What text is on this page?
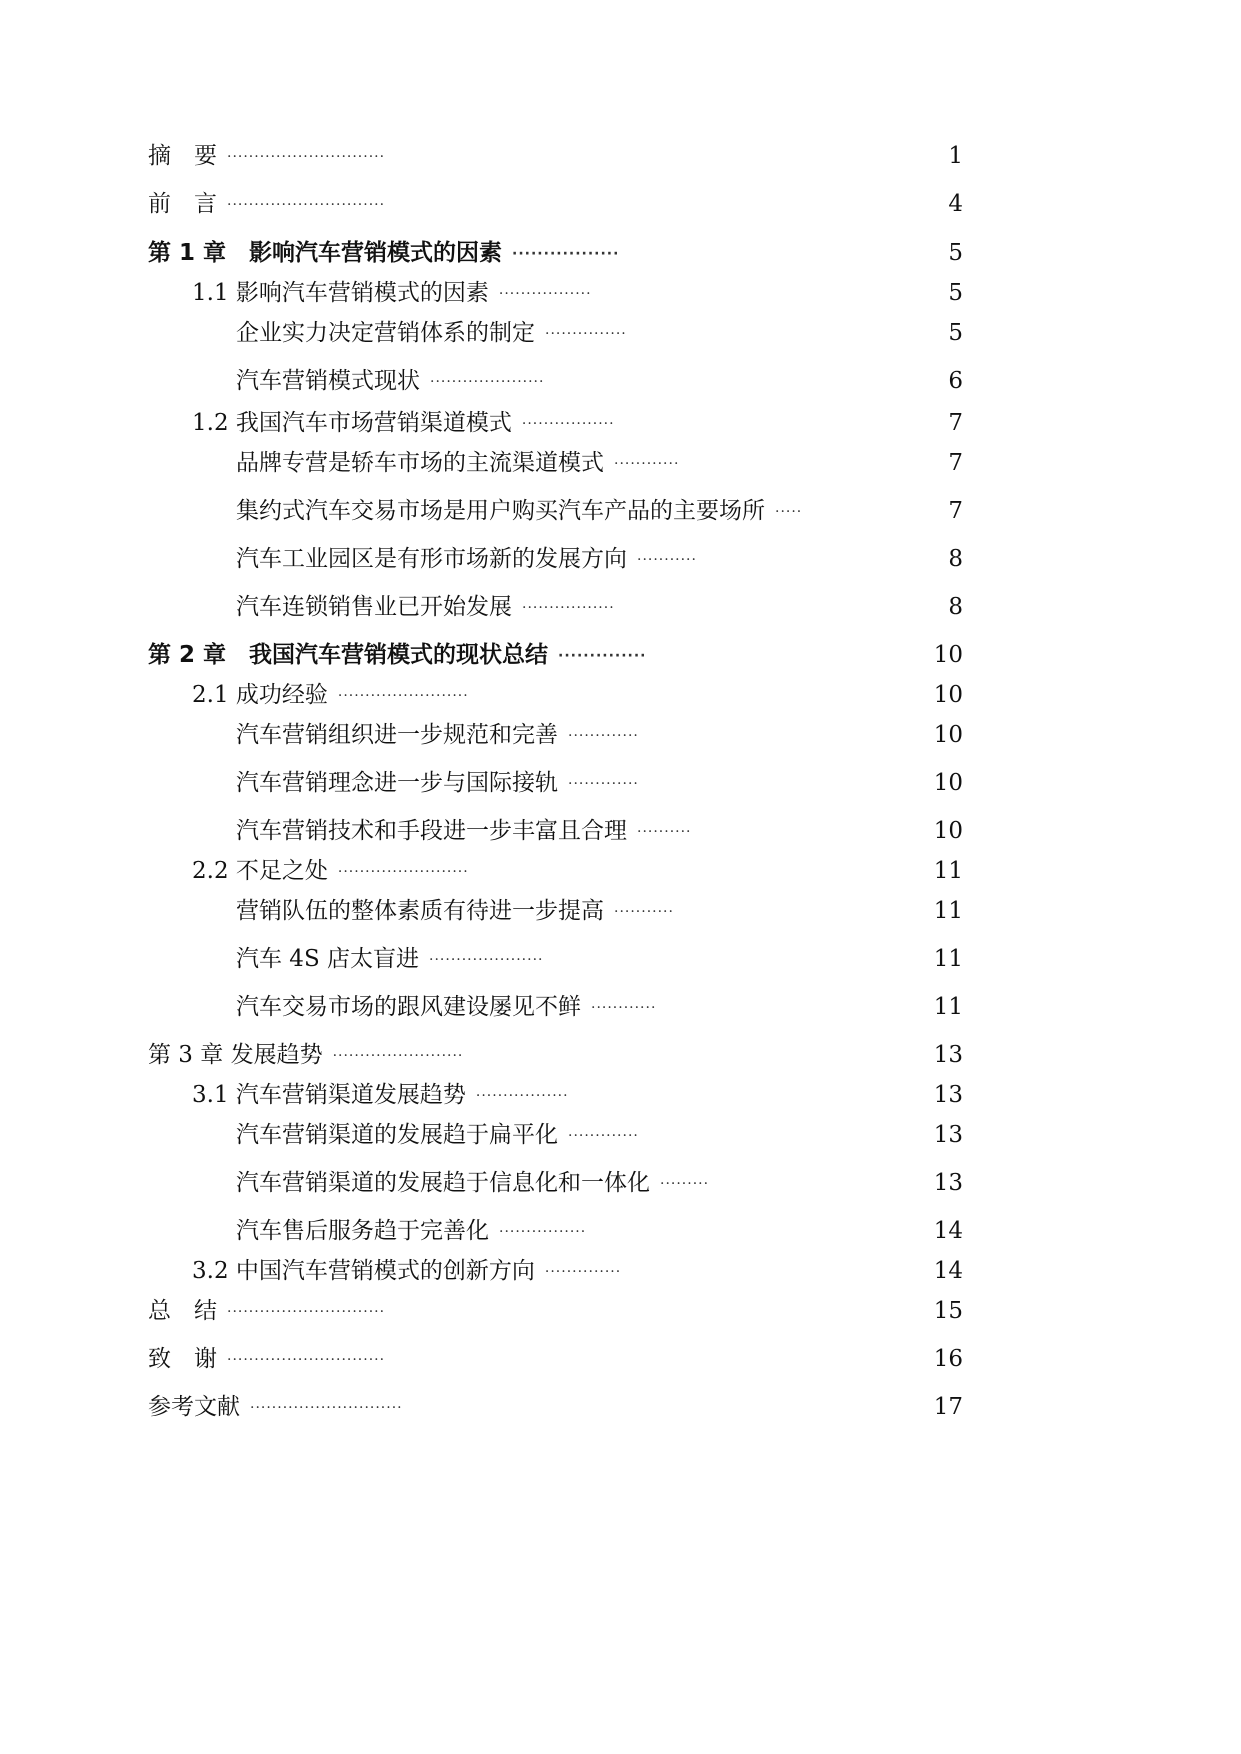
摘　要 ·····························	1
前　言 ·····························	4
第 1 章　影响汽车营销模式的因素 ·················	5
1.1 影响汽车营销模式的因素 ·················	5
企业实力决定营销体系的制定 ···············	5
汽车营销模式现状 ·····················	6
1.2 我国汽车市场营销渠道模式 ·················	7
品牌专营是轿车市场的主流渠道模式 ············	7
集约式汽车交易市场是用户购买汽车产品的主要场所 ·····	7
汽车工业园区是有形市场新的发展方向 ···········	8
汽车连锁销售业已开始发展 ·················	8
第 2 章　我国汽车营销模式的现状总结 ··············	10
2.1 成功经验 ························	10
汽车营销组织进一步规范和完善 ·············	10
汽车营销理念进一步与国际接轨 ·············	10
汽车营销技术和手段进一步丰富且合理 ··········	10
2.2 不足之处 ························	11
营销队伍的整体素质有待进一步提高 ···········	11
汽车 4S 店太盲进 ·····················	11
汽车交易市场的跟风建设屡见不鲜 ············	11
第 3 章 发展趋势 ························	13
3.1 汽车营销渠道发展趋势 ·················	13
汽车营销渠道的发展趋于扁平化 ·············	13
汽车营销渠道的发展趋于信息化和一体化 ·········	13
汽车售后服务趋于完善化 ················	14
3.2 中国汽车营销模式的创新方向 ··············	14
总　结 ·····························	15
致　谢 ·····························	16
参考文献 ····························	17
